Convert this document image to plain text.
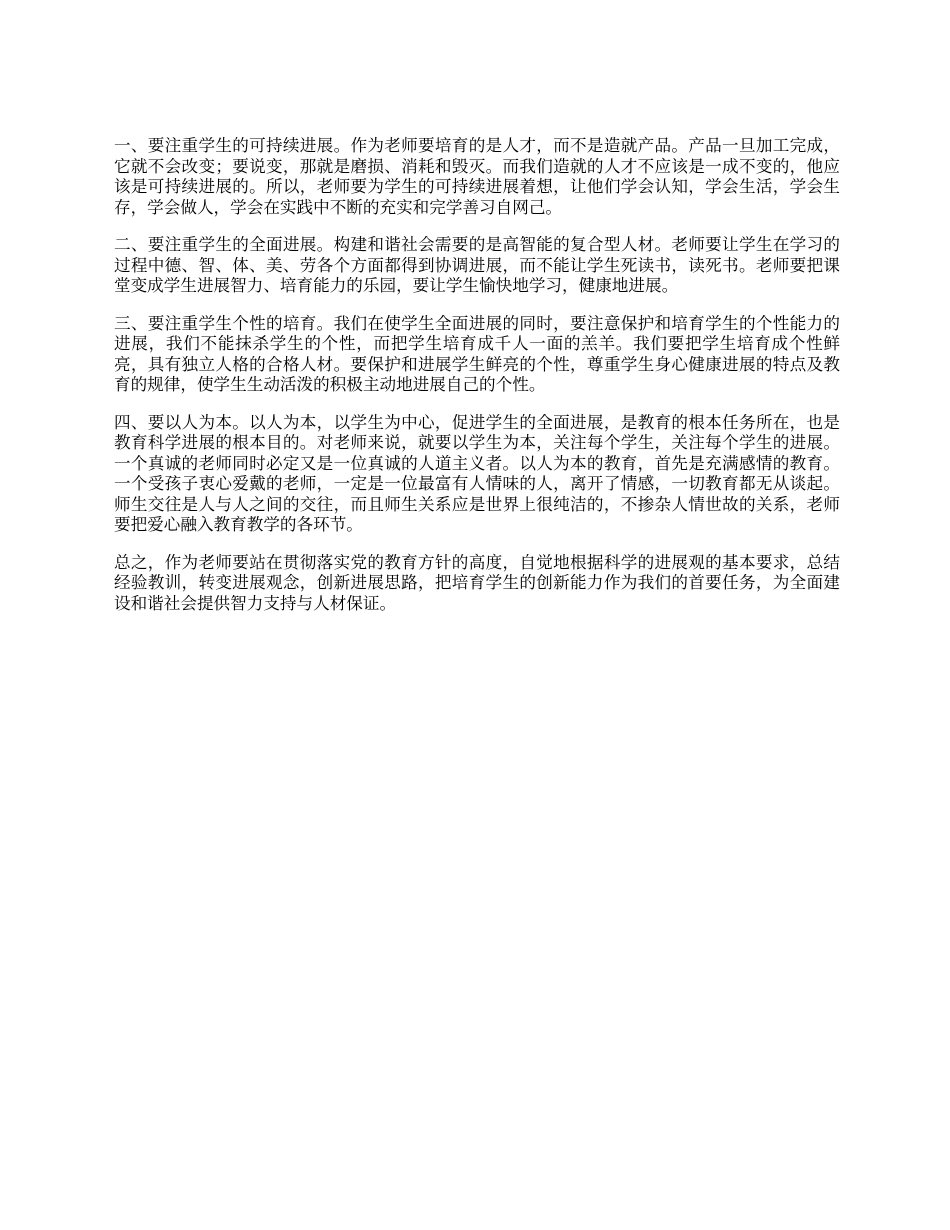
一、要注重学生的可持续进展。作为老师要培育的是人才，而不是造就产品。产品一旦加工完成，它就不会改变；要说变，那就是磨损、消耗和毁灭。而我们造就的人才不应该是一成不变的，他应该是可持续进展的。所以，老师要为学生的可持续进展着想，让他们学会认知，学会生活，学会生存，学会做人，学会在实践中不断的充实和完学善习自网己。

二、要注重学生的全面进展。构建和谐社会需要的是高智能的复合型人材。老师要让学生在学习的过程中德、智、体、美、劳各个方面都得到协调进展，而不能让学生死读书，读死书。老师要把课堂变成学生进展智力、培育能力的乐园，要让学生愉快地学习，健康地进展。

三、要注重学生个性的培育。我们在使学生全面进展的同时，要注意保护和培育学生的个性能力的进展，我们不能抹杀学生的个性，而把学生培育成千人一面的羔羊。我们要把学生培育成个性鲜亮，具有独立人格的合格人材。要保护和进展学生鲜亮的个性，尊重学生身心健康进展的特点及教育的规律，使学生生动活泼的积极主动地进展自己的个性。

四、要以人为本。以人为本，以学生为中心，促进学生的全面进展，是教育的根本任务所在，也是教育科学进展的根本目的。对老师来说，就要以学生为本，关注每个学生，关注每个学生的进展。一个真诚的老师同时必定又是一位真诚的人道主义者。以人为本的教育，首先是充满感情的教育。一个受孩子衷心爱戴的老师，一定是一位最富有人情味的人，离开了情感，一切教育都无从谈起。师生交往是人与人之间的交往，而且师生关系应是世界上很纯洁的，不掺杂人情世故的关系，老师要把爱心融入教育教学的各环节。

总之，作为老师要站在贯彻落实党的教育方针的高度，自觉地根据科学的进展观的基本要求，总结经验教训，转变进展观念，创新进展思路，把培育学生的创新能力作为我们的首要任务，为全面建设和谐社会提供智力支持与人材保证。
